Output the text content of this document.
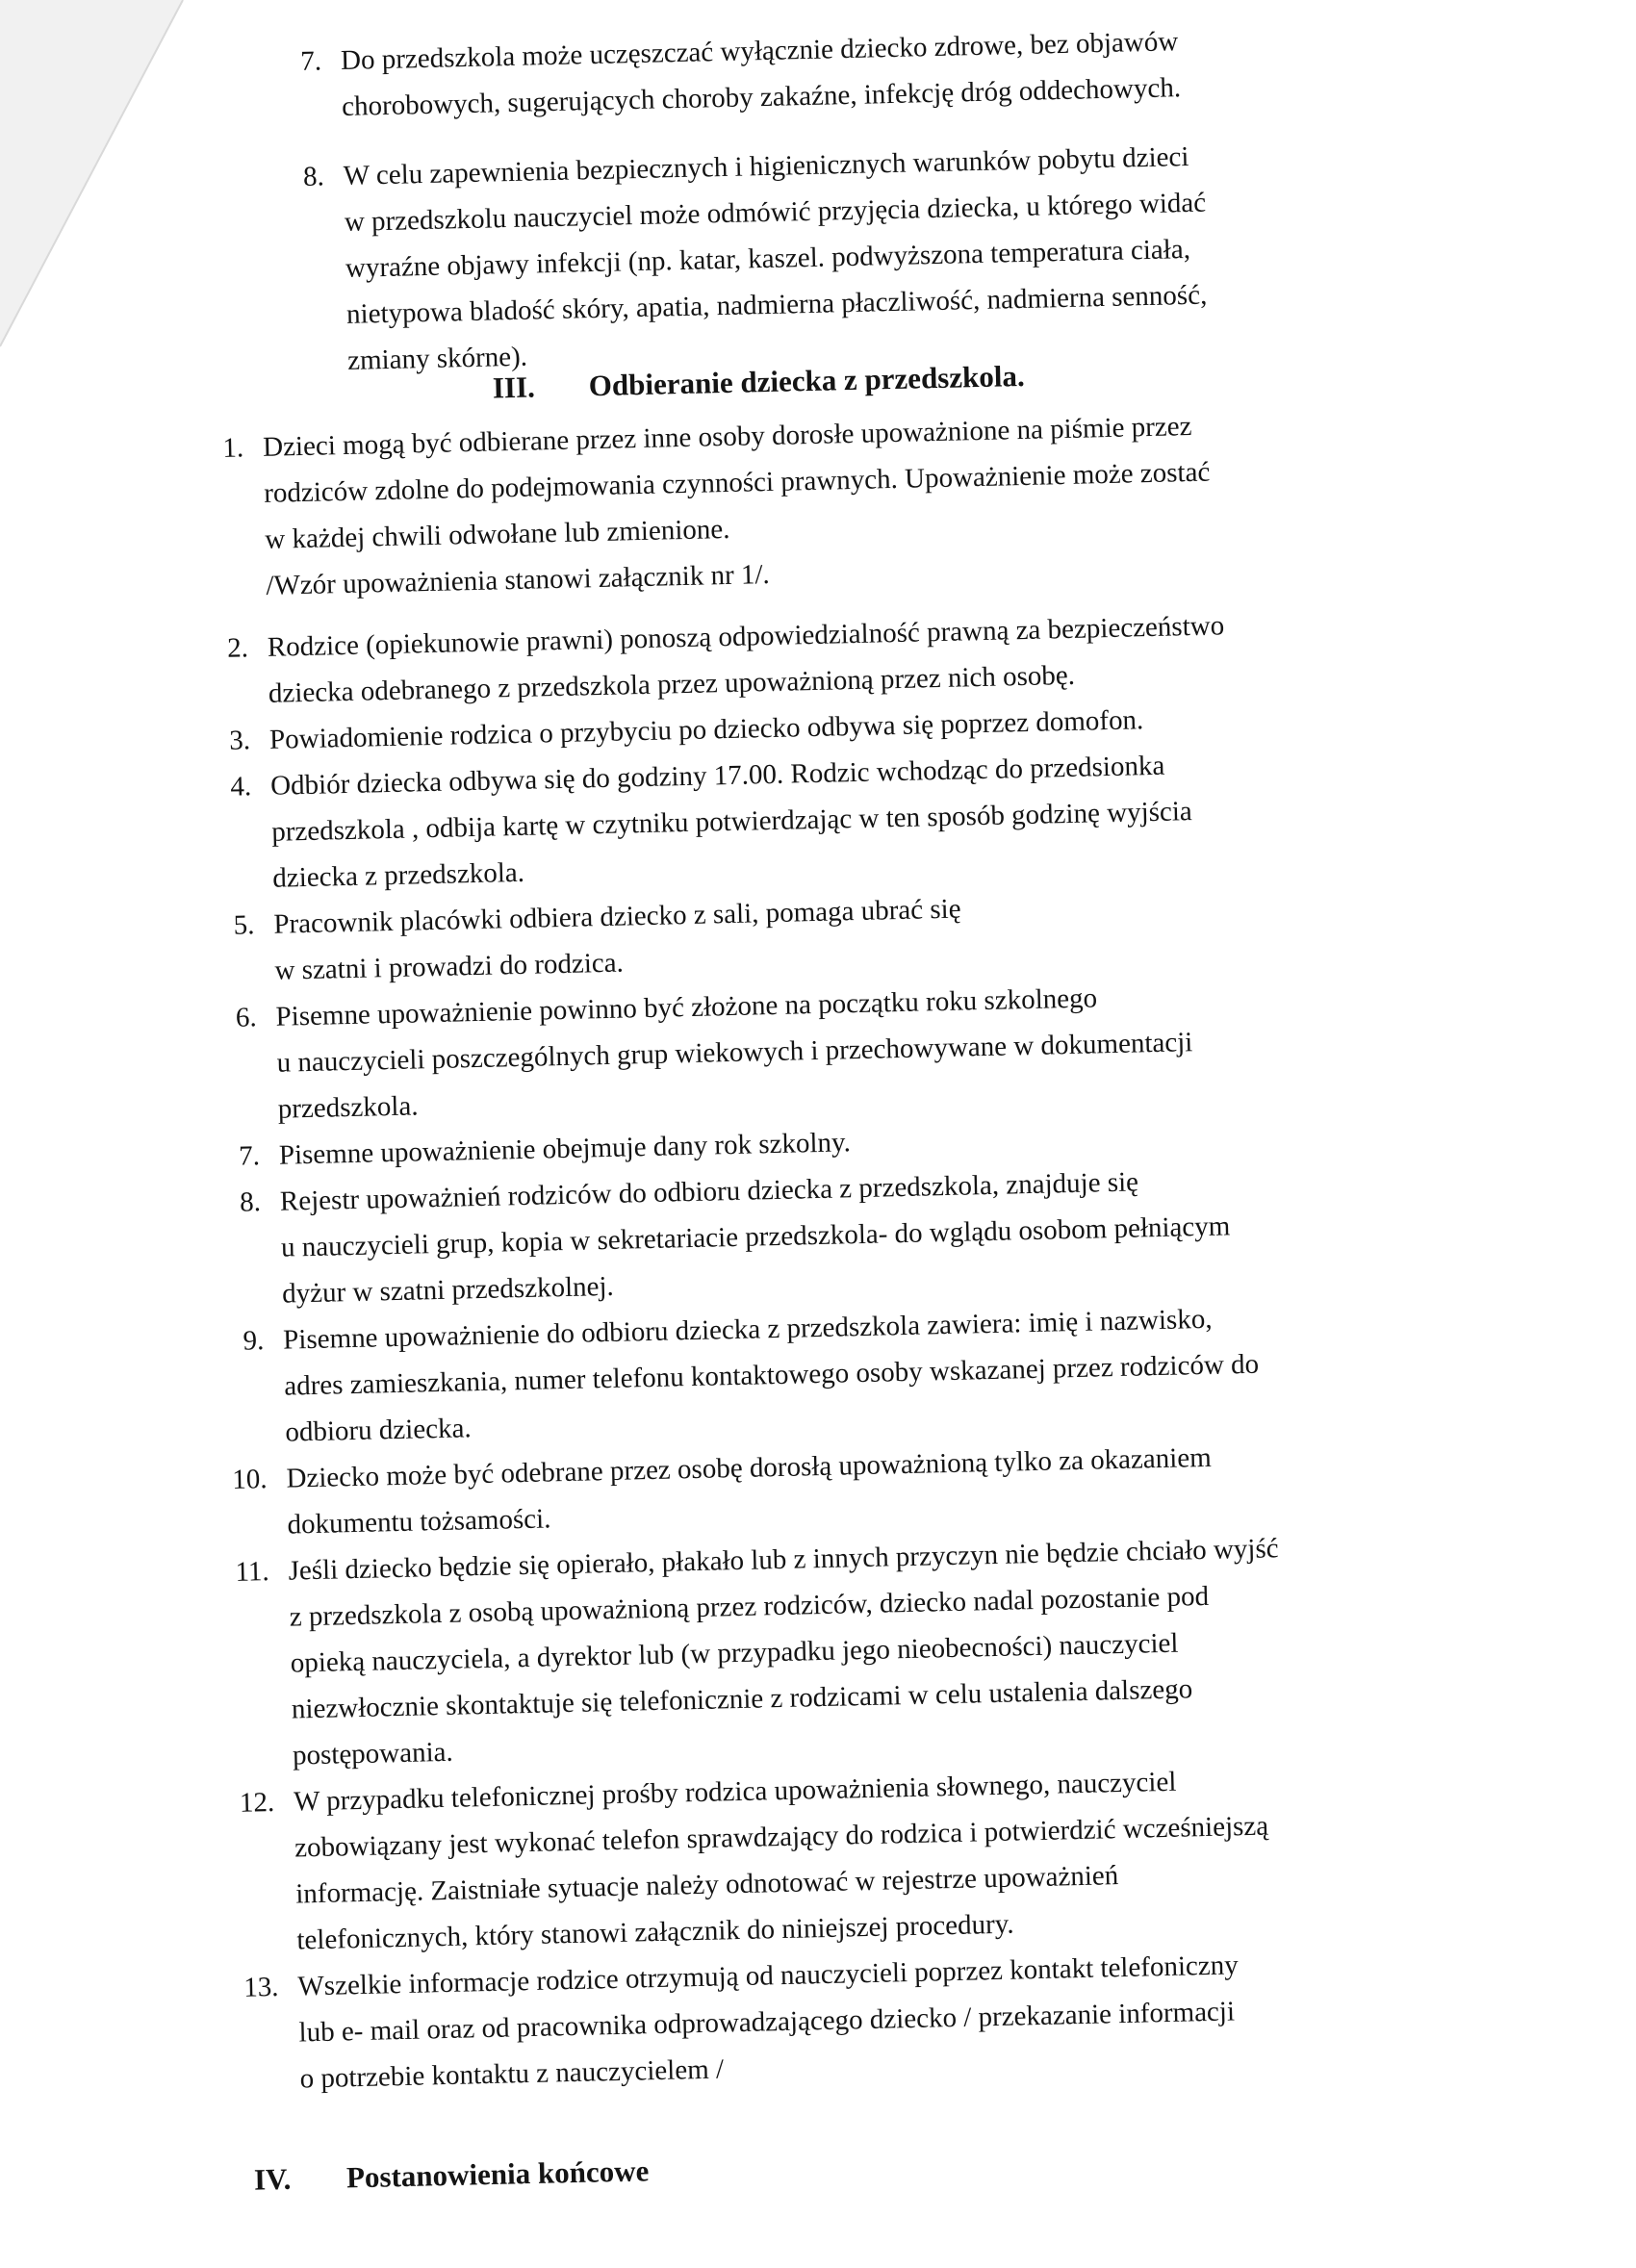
7. Do przedszkola może uczęszczać wyłącznie dziecko zdrowe, bez objawów
chorobowych, sugerujących choroby zakaźne, infekcję dróg oddechowych.
8. W celu zapewnienia bezpiecznych i higienicznych warunków pobytu dzieci
w przedszkolu nauczyciel może odmówić przyjęcia dziecka, u którego widać
wyraźne objawy infekcji (np. katar, kaszel. podwyższona temperatura ciała,
nietypowa bladość skóry, apatia, nadmierna płaczliwość, nadmierna senność,
zmiany skórne).
III. Odbieranie dziecka z przedszkola.
1. Dzieci mogą być odbierane przez inne osoby dorosłe upoważnione na piśmie przez
rodziców zdolne do podejmowania czynności prawnych. Upoważnienie może zostać
w każdej chwili odwołane lub zmienione.
/Wzór upoważnienia stanowi załącznik nr 1/.
2. Rodzice (opiekunowie prawni) ponoszą odpowiedzialność prawną za bezpieczeństwo
dziecka odebranego z przedszkola przez upoważnioną przez nich osobę.
3. Powiadomienie rodzica o przybyciu po dziecko odbywa się poprzez domofon.
4. Odbiór dziecka odbywa się do godziny 17.00. Rodzic wchodząc do przedsionka
przedszkola , odbija kartę w czytniku potwierdzając w ten sposób godzinę wyjścia
dziecka z przedszkola.
5. Pracownik placówki odbiera dziecko z sali, pomaga ubrać się
w szatni i prowadzi do rodzica.
6. Pisemne upoważnienie powinno być złożone na początku roku szkolnego
u nauczycieli poszczególnych grup wiekowych i przechowywane w dokumentacji
przedszkola.
7. Pisemne upoważnienie obejmuje dany rok szkolny.
8. Rejestr upoważnień rodziców do odbioru dziecka z przedszkola, znajduje się
u nauczycieli grup, kopia w sekretariacie przedszkola- do wglądu osobom pełniącym
dyżur w szatni przedszkolnej.
9. Pisemne upoważnienie do odbioru dziecka z przedszkola zawiera: imię i nazwisko,
adres zamieszkania, numer telefonu kontaktowego osoby wskazanej przez rodziców do
odbioru dziecka.
10. Dziecko może być odebrane przez osobę dorosłą upoważnioną tylko za okazaniem
dokumentu tożsamości.
11. Jeśli dziecko będzie się opierało, płakało lub z innych przyczyn nie będzie chciało wyjść
z przedszkola z osobą upoważnioną przez rodziców, dziecko nadal pozostanie pod
opieką nauczyciela, a dyrektor lub (w przypadku jego nieobecności) nauczyciel
niezwłocznie skontaktuje się telefonicznie z rodzicami w celu ustalenia dalszego
postępowania.
12. W przypadku telefonicznej prośby rodzica upoważnienia słownego, nauczyciel
zobowiązany jest wykonać telefon sprawdzający do rodzica i potwierdzić wcześniejszą
informację. Zaistniałe sytuacje należy odnotować w rejestrze upoważnień
telefonicznych, który stanowi załącznik do niniejszej procedury.
13. Wszelkie informacje rodzice otrzymują od nauczycieli poprzez kontakt telefoniczny
lub e- mail oraz od pracownika odprowadzającego dziecko / przekazanie informacji
o potrzebie kontaktu z nauczycielem /
IV. Postanowienia końcowe
